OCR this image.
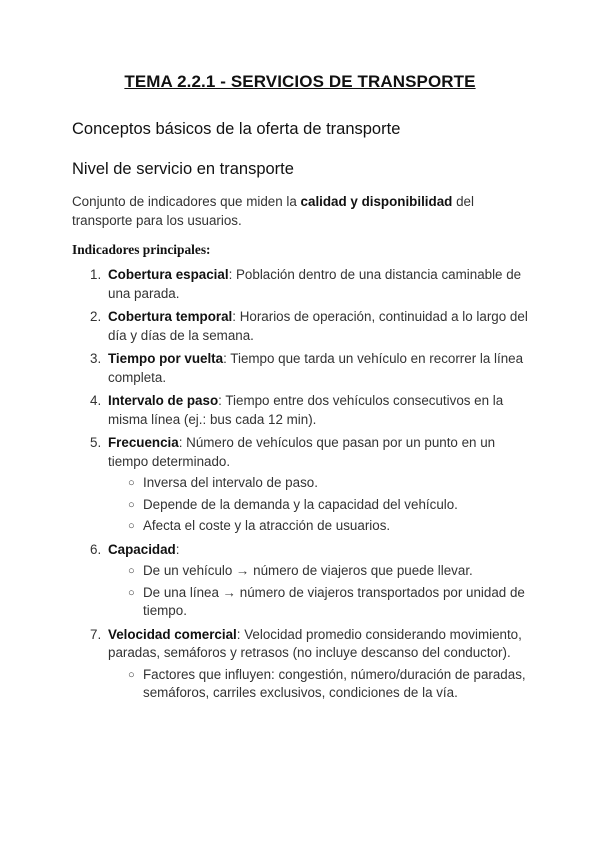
TEMA 2.2.1 - SERVICIOS DE TRANSPORTE
Conceptos básicos de la oferta de transporte
Nivel de servicio en transporte
Conjunto de indicadores que miden la calidad y disponibilidad del transporte para los usuarios.
Indicadores principales:
1. Cobertura espacial: Población dentro de una distancia caminable de una parada.
2. Cobertura temporal: Horarios de operación, continuidad a lo largo del día y días de la semana.
3. Tiempo por vuelta: Tiempo que tarda un vehículo en recorrer la línea completa.
4. Intervalo de paso: Tiempo entre dos vehículos consecutivos en la misma línea (ej.: bus cada 12 min).
5. Frecuencia: Número de vehículos que pasan por un punto en un tiempo determinado.
○ Inversa del intervalo de paso.
○ Depende de la demanda y la capacidad del vehículo.
○ Afecta el coste y la atracción de usuarios.
6. Capacidad:
○ De un vehículo → número de viajeros que puede llevar.
○ De una línea → número de viajeros transportados por unidad de tiempo.
7. Velocidad comercial: Velocidad promedio considerando movimiento, paradas, semáforos y retrasos (no incluye descanso del conductor).
○ Factores que influyen: congestión, número/duración de paradas, semáforos, carriles exclusivos, condiciones de la vía.
